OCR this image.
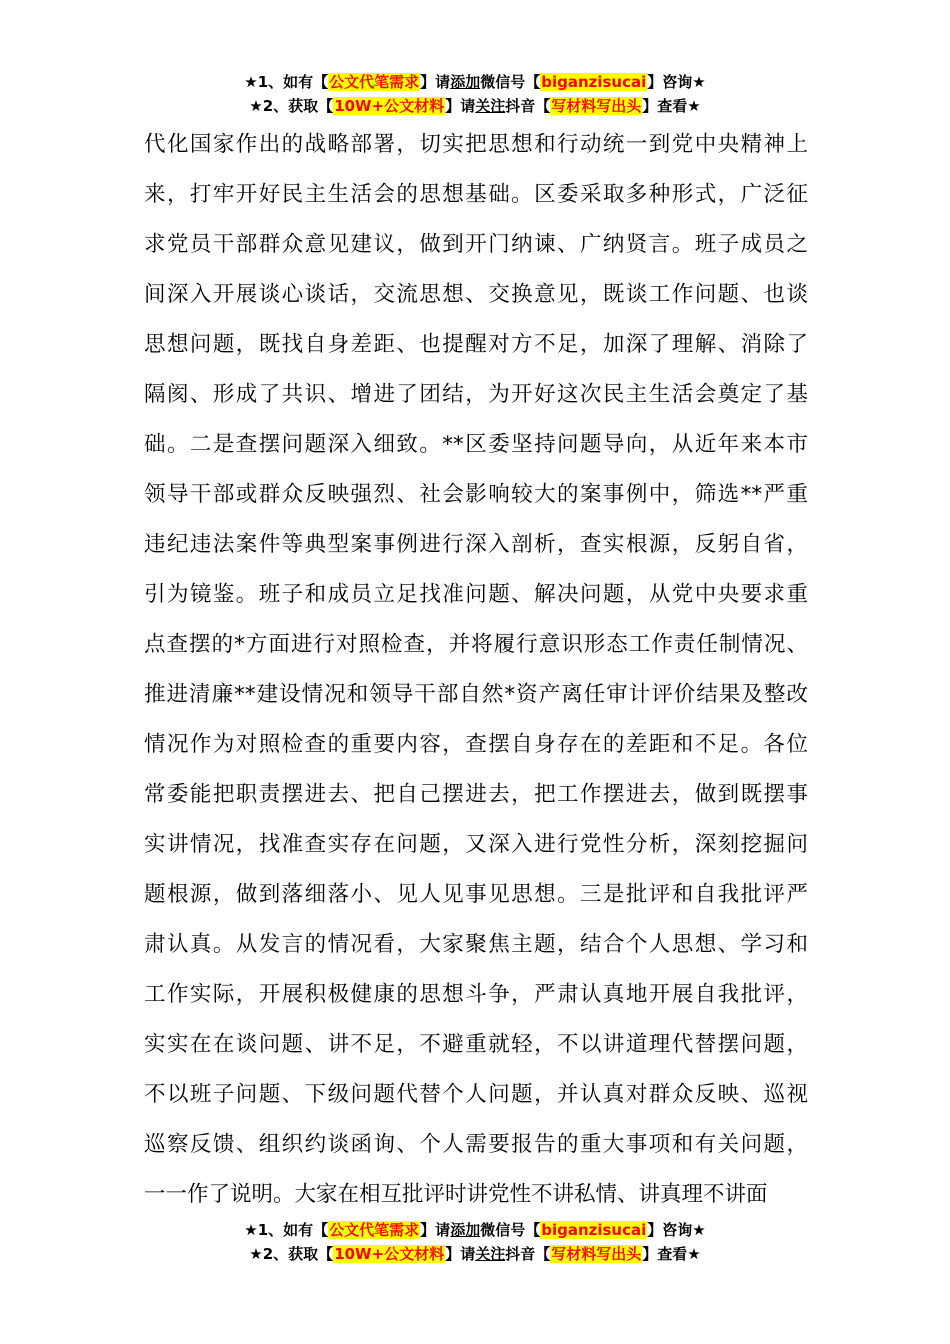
★1、如有【公文代笔需求】请添加微信号【biganzisucai】咨询★
★2、获取【10W+公文材料】请关注抖音【写材料写出头】查看★
代化国家作出的战略部署，切实把思想和行动统一到党中央精神上
来，打牢开好民主生活会的思想基础。区委采取多种形式，广泛征
求党员干部群众意见建议，做到开门纳谏、广纳贤言。班子成员之
间深入开展谈心谈话，交流思想、交换意见，既谈工作问题、也谈
思想问题，既找自身差距、也提醒对方不足，加深了理解、消除了
隔阂、形成了共识、增进了团结，为开好这次民主生活会奠定了基
础。二是查摆问题深入细致。**区委坚持问题导向，从近年来本市
领导干部或群众反映强烈、社会影响较大的案事例中，筛选**严重
违纪违法案件等典型案事例进行深入剖析，查实根源，反躬自省，
引为镜鉴。班子和成员立足找准问题、解决问题，从党中央要求重
点查摆的*方面进行对照检查，并将履行意识形态工作责任制情况、
推进清廉**建设情况和领导干部自然*资产离任审计评价结果及整改
情况作为对照检查的重要内容，查摆自身存在的差距和不足。各位
常委能把职责摆进去、把自己摆进去，把工作摆进去，做到既摆事
实讲情况，找准查实存在问题，又深入进行党性分析，深刻挖掘问
题根源，做到落细落小、见人见事见思想。三是批评和自我批评严
肃认真。从发言的情况看，大家聚焦主题，结合个人思想、学习和
工作实际，开展积极健康的思想斗争，严肃认真地开展自我批评，
实实在在谈问题、讲不足，不避重就轻，不以讲道理代替摆问题，
不以班子问题、下级问题代替个人问题，并认真对群众反映、巡视
巡察反馈、组织约谈函询、个人需要报告的重大事项和有关问题，
一一作了说明。大家在相互批评时讲党性不讲私情、讲真理不讲面
★1、如有【公文代笔需求】请添加微信号【biganzisucai】咨询★
★2、获取【10W+公文材料】请关注抖音【写材料写出头】查看★
